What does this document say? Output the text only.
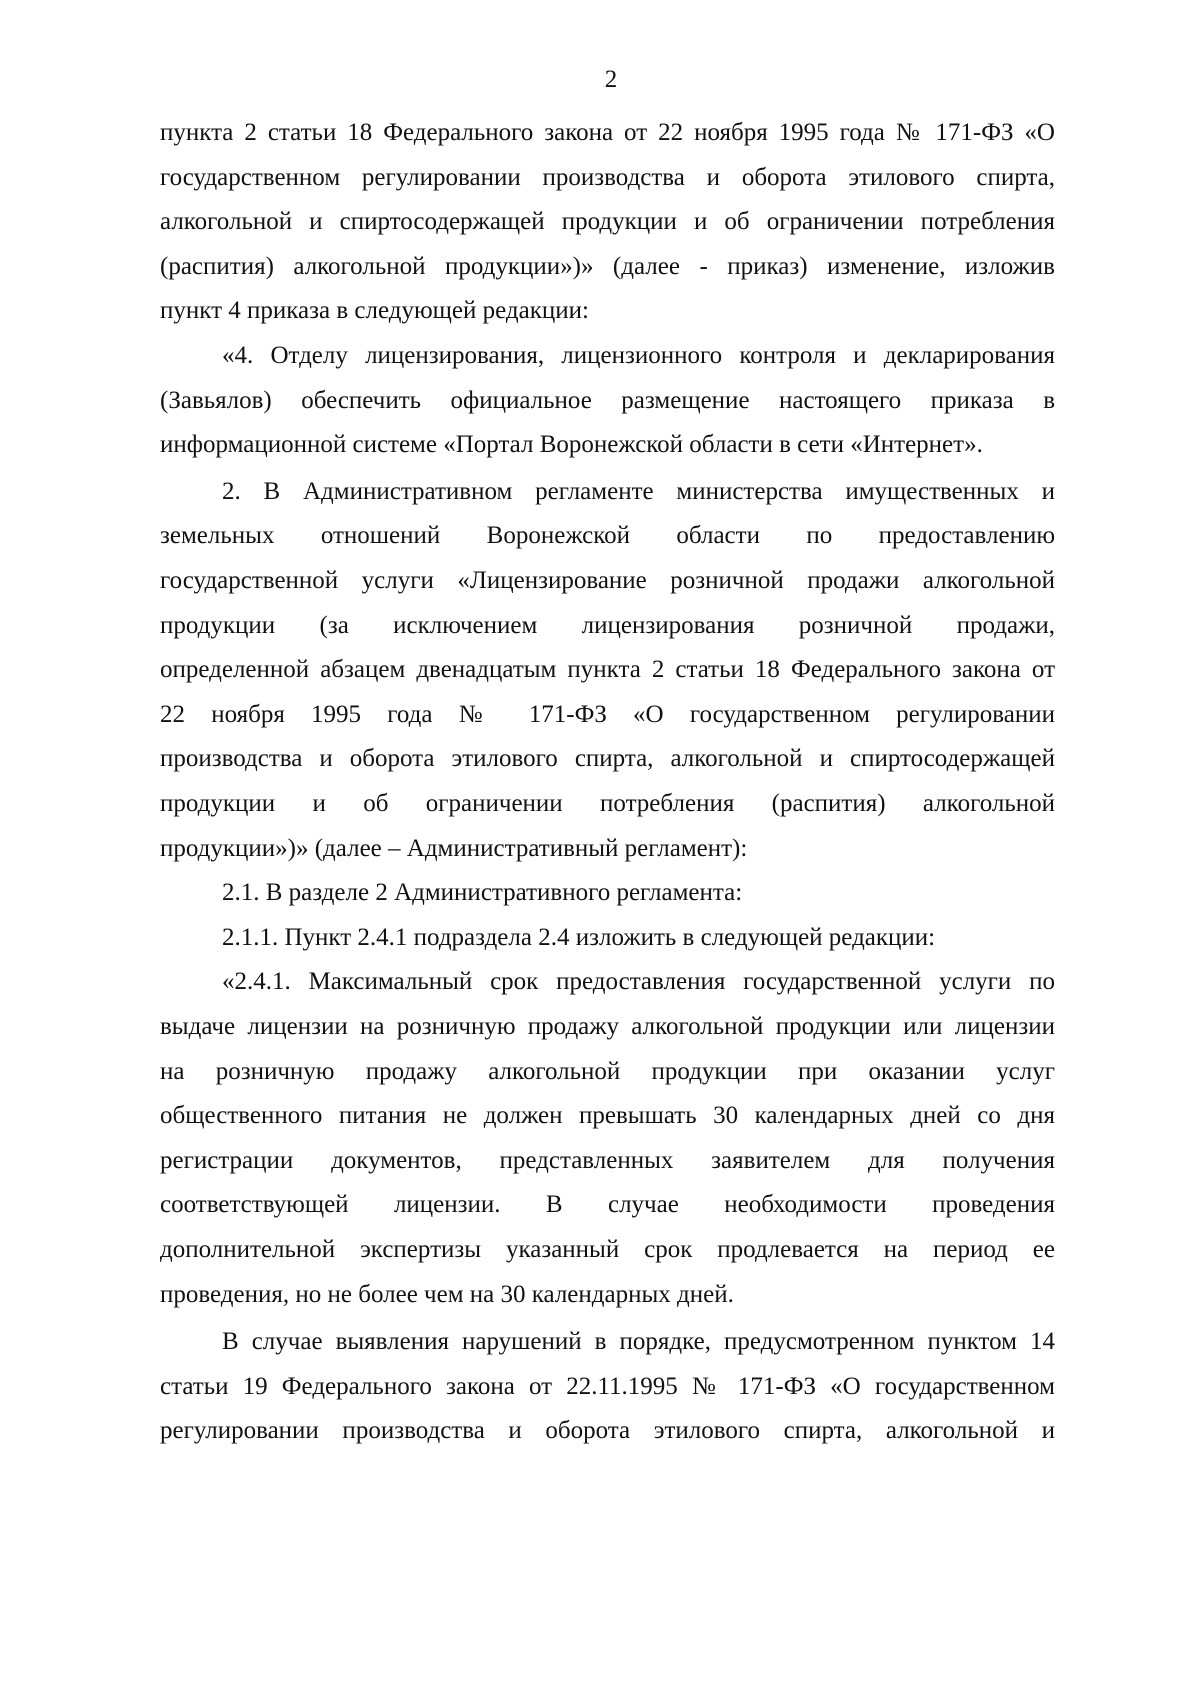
2
пункта 2 статьи 18 Федерального закона от 22 ноября 1995 года № 171-ФЗ «О
государственном регулировании производства и оборота этилового спирта,
алкогольной и спиртосодержащей продукции и об ограничении потребления
(распития) алкогольной продукции»)» (далее - приказ) изменение, изложив
пункт 4 приказа в следующей редакции:
«4. Отделу лицензирования, лицензионного контроля и декларирования
(Завьялов) обеспечить официальное размещение настоящего приказа в
информационной системе «Портал Воронежской области в сети «Интернет».
2. В Административном регламенте министерства имущественных и
земельных отношений Воронежской области по предоставлению
государственной услуги «Лицензирование розничной продажи алкогольной
продукции (за исключением лицензирования розничной продажи,
определенной абзацем двенадцатым пункта 2 статьи 18 Федерального закона от
22 ноября 1995 года № 171-ФЗ «О государственном регулировании
производства и оборота этилового спирта, алкогольной и спиртосодержащей
продукции и об ограничении потребления (распития) алкогольной
продукции»)» (далее – Административный регламент):
2.1. В разделе 2 Административного регламента:
2.1.1. Пункт 2.4.1 подраздела 2.4 изложить в следующей редакции:
«2.4.1. Максимальный срок предоставления государственной услуги по
выдаче лицензии на розничную продажу алкогольной продукции или лицензии
на розничную продажу алкогольной продукции при оказании услуг
общественного питания не должен превышать 30 календарных дней со дня
регистрации документов, представленных заявителем для получения
соответствующей лицензии. В случае необходимости проведения
дополнительной экспертизы указанный срок продлевается на период ее
проведения, но не более чем на 30 календарных дней.
В случае выявления нарушений в порядке, предусмотренном пунктом 14
статьи 19 Федерального закона от 22.11.1995 № 171-ФЗ «О государственном
регулировании производства и оборота этилового спирта, алкогольной и
